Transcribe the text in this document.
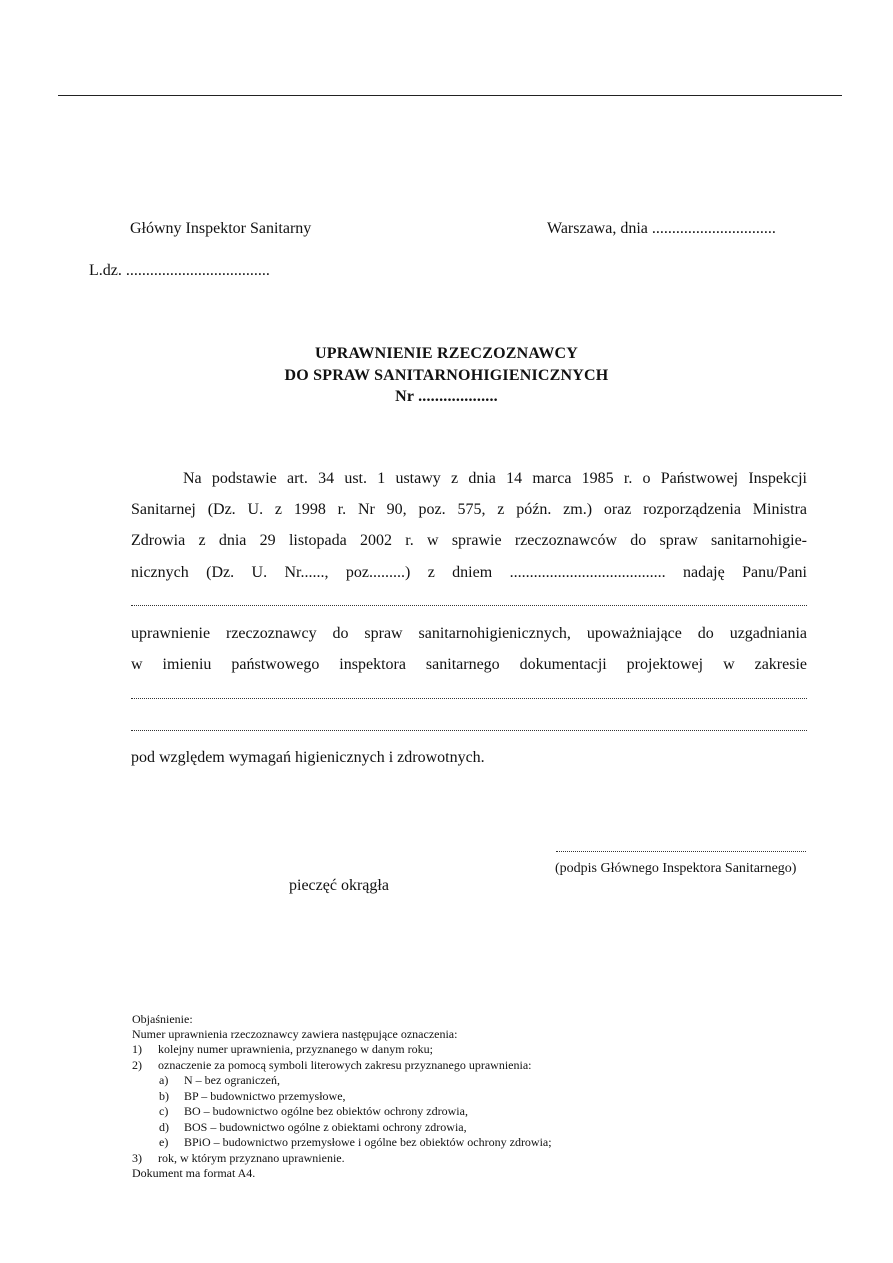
Główny Inspektor Sanitarny	Warszawa, dnia ...............................
L.dz. ....................................
UPRAWNIENIE RZECZOZNAWCY
DO SPRAW SANITARNOHIGIENICZNYCH
Nr ...................
Na podstawie art. 34 ust. 1 ustawy z dnia 14 marca 1985 r. o Państwowej Inspekcji
Sanitarnej (Dz. U. z 1998 r. Nr 90, poz. 575, z późn. zm.) oraz rozporządzenia Ministra
Zdrowia z dnia 29 listopada 2002 r. w sprawie rzeczoznawców do spraw sanitarnohigie-
nicznych (Dz. U. Nr......, poz.........) z dniem ....................................... nadaję Panu/Pani
uprawnienie rzeczoznawcy do spraw sanitarnohigienicznych, upoważniające do uzgadniania
w imieniu państwowego inspektora sanitarnego dokumentacji projektowej w zakresie
pod względem wymagań higienicznych i zdrowotnych.
(podpis Głównego Inspektora Sanitarnego)
pieczęć okrągła
Objaśnienie:
Numer uprawnienia rzeczoznawcy zawiera następujące oznaczenia:
1) kolejny numer uprawnienia, przyznanego w danym roku;
2) oznaczenie za pomocą symboli literowych zakresu przyznanego uprawnienia:
a) N – bez ograniczeń,
b) BP – budownictwo przemysłowe,
c) BO – budownictwo ogólne bez obiektów ochrony zdrowia,
d) BOS – budownictwo ogólne z obiektami ochrony zdrowia,
e) BPiO – budownictwo przemysłowe i ogólne bez obiektów ochrony zdrowia;
3) rok, w którym przyznano uprawnienie.
Dokument ma format A4.
